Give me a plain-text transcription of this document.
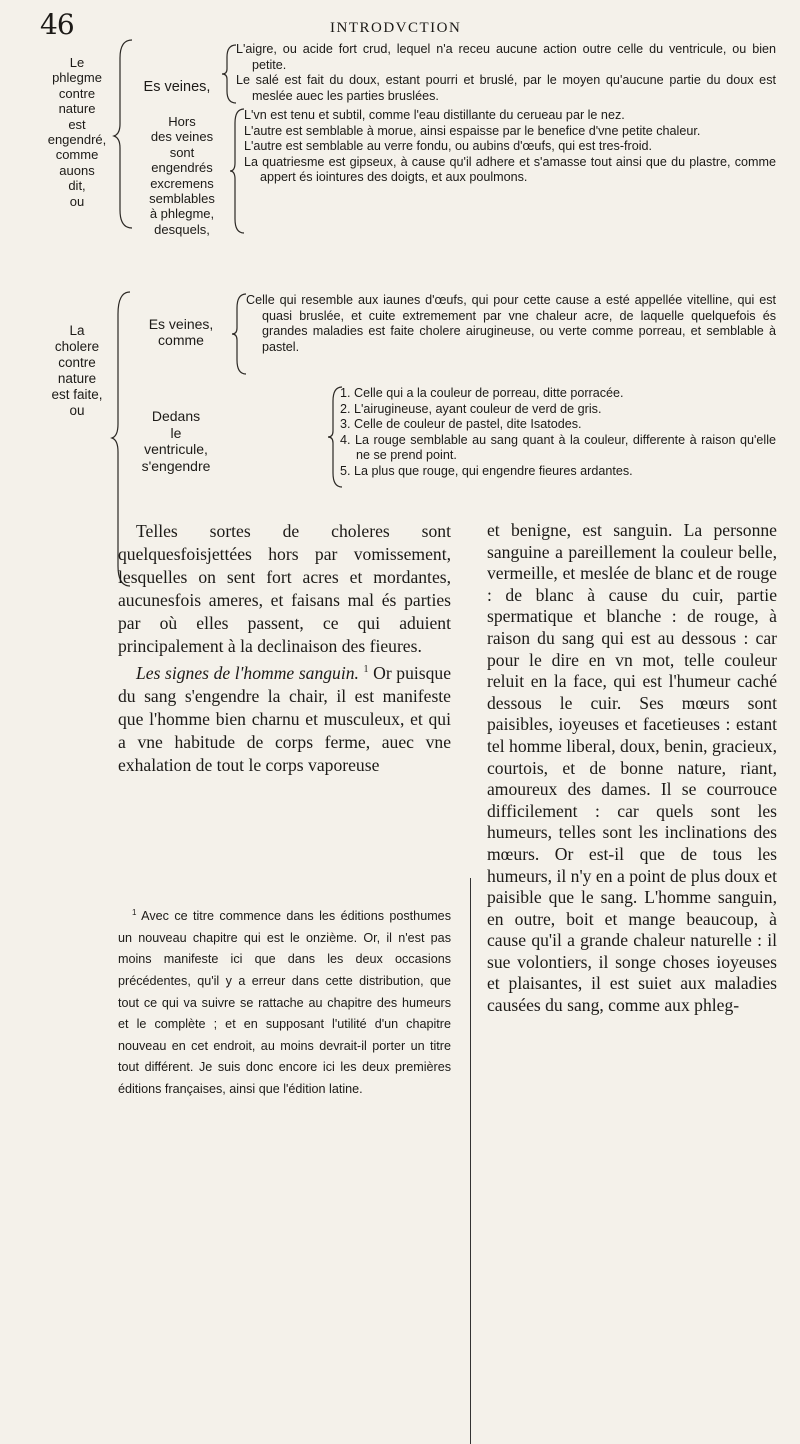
46	INTRODVCTION
Le
phlegme
contre
nature
est
engendré,
comme
auons
dit,
ou
Es veines,
L'aigre, ou acide fort crud, lequel n'a receu aucune action outre celle du ventricule, ou bien petite.
Le salé est fait du doux, estant pourri et bruslé, par le moyen qu'aucune partie du doux est meslée auec les parties bruslées.
Hors
des veines
sont
engendrés
excremens
semblables
à phlegme,
desquels,
L'vn est tenu et subtil, comme l'eau distillante du cerueau par le nez.
L'autre est semblable à morue, ainsi espaisse par le benefice d'vne petite chaleur.
L'autre est semblable au verre fondu, ou aubins d'œufs, qui est tres-froid.
La quatriesme est gipseux, à cause qu'il adhere et s'amasse tout ainsi que du plastre, comme appert és iointures des doigts, et aux poulmons.
La
cholere
contre
nature
est faite,
ou
Es veines,
comme
Celle qui resemble aux iaunes d'œufs, qui pour cette cause a esté appellée vitelline, qui est quasi bruslée, et cuite extremement par vne chaleur acre, de laquelle quelquefois és grandes maladies est faite cholere airugineuse, ou verte comme porreau, et semblable à pastel.
Dedans
le
ventricule,
s'engendre
1. Celle qui a la couleur de porreau, ditte porracée.
2. L'airugineuse, ayant couleur de verd de gris.
3. Celle de couleur de pastel, dite Isatodes.
4. La rouge semblable au sang quant à la couleur, differente à raison qu'elle ne se prend point.
5. La plus que rouge, qui engendre fieures ardantes.

Telles sortes de choleres sont quelquesfoisjettées hors par vomissement, lesquelles on sent fort acres et mordantes, aucunesfois ameres, et faisans mal és parties par où elles passent, ce qui aduient principalement à la declinaison des fieures.

Les signes de l'homme sanguin. $^1$ Or puisque du sang s'engendre la chair, il est manifeste que l'homme bien charnu et musculeux, et qui a vne habitude de corps ferme, auec vne exhalation de tout le corps vaporeuse

$^1$ Avec ce titre commence dans les éditions posthumes un nouveau chapitre qui est le onzième. Or, il n'est pas moins manifeste ici que dans les deux occasions précédentes, qu'il y a erreur dans cette distribution, que tout ce qui va suivre se rattache au chapitre des humeurs et le complète ; et en supposant l'utilité d'un chapitre nouveau en cet endroit, au moins devrait-il porter un titre tout différent. Je suis donc encore ici les deux premières éditions françaises, ainsi que l'édition latine.

et benigne, est sanguin. La personne sanguine a pareillement la couleur belle, vermeille, et meslée de blanc et de rouge : de blanc à cause du cuir, partie spermatique et blanche : de rouge, à raison du sang qui est au dessous : car pour le dire en vn mot, telle couleur reluit en la face, qui est l'humeur caché dessous le cuir. Ses mœurs sont paisibles, ioyeuses et facetieuses : estant tel homme liberal, doux, benin, gracieux, courtois, et de bonne nature, riant, amoureux des dames. Il se courrouce difficilement : car quels sont les humeurs, telles sont les inclinations des mœurs. Or est-il que de tous les humeurs, il n'y en a point de plus doux et paisible que le sang. L'homme sanguin, en outre, boit et mange beaucoup, à cause qu'il a grande chaleur naturelle : il sue volontiers, il songe choses ioyeuses et plaisantes, il est suiet aux maladies causées du sang, comme aux phleg-
